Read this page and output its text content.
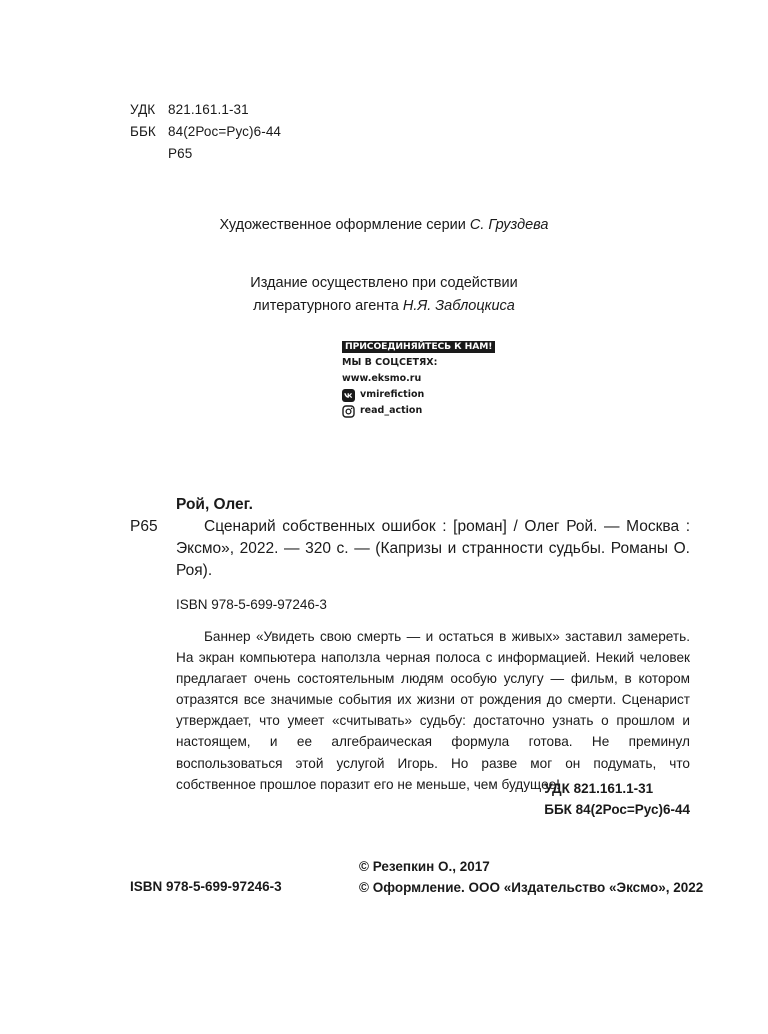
УДК 821.161.1-31
ББК 84(2Рос=Рус)6-44
Р65
Художественное оформление серии С. Груздева
Издание осуществлено при содействии
литературного агента Н.Я. Заблоцкиса
ПРИСОЕДИНЯЙТЕСЬ К НАМ!
МЫ В СОЦСЕТЯХ:
www.eksmo.ru
vmirefiction
read_action
Рой, Олег.
Р65	Сценарий собственных ошибок : [роман] / Олег Рой. — Москва : Эксмо», 2022. — 320 с. — (Капризы и странности судьбы. Романы О. Роя).
ISBN 978-5-699-97246-3
Баннер «Увидеть свою смерть — и остаться в живых» заставил замереть. На экран компьютера наползла черная полоса с информацией. Некий человек предлагает очень состоятельным людям особую услугу — фильм, в котором отразятся все значимые события их жизни от рождения до смерти. Сценарист утверждает, что умеет «считывать» судьбу: достаточно узнать о прошлом и настоящем, и ее алгебраическая формула готова. Не преминул воспользоваться этой услугой Игорь. Но разве мог он подумать, что собственное прошлое поразит его не меньше, чем будущее!
УДК 821.161.1-31
ББК 84(2Рос=Рус)6-44
ISBN 978-5-699-97246-3
© Резепкин О., 2017
© Оформление. ООО «Издательство «Эксмо», 2022
